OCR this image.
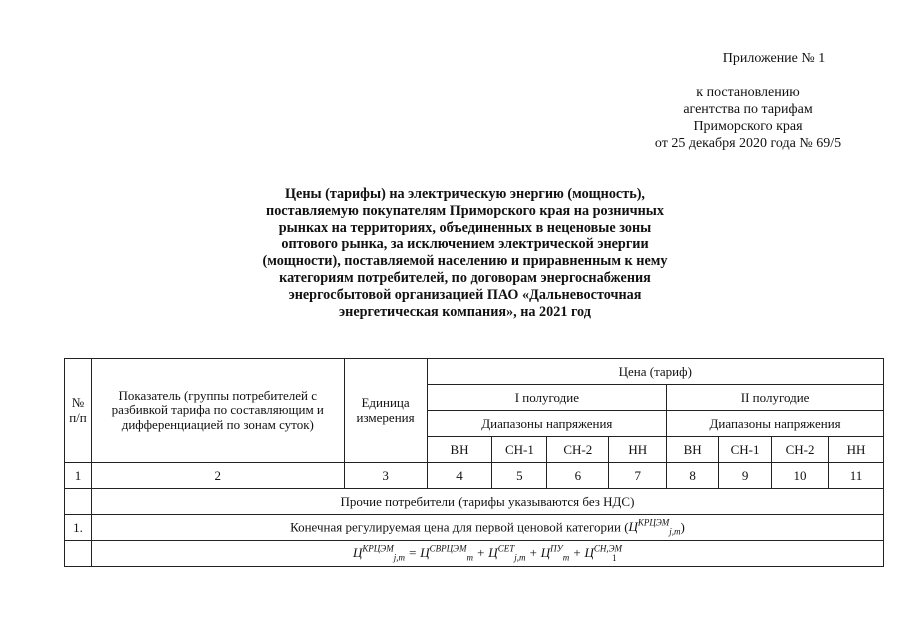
Приложение № 1
к постановлению
агентства по тарифам
Приморского края
от 25 декабря 2020 года № 69/5
Цены (тарифы) на электрическую энергию (мощность),
поставляемую покупателям Приморского края на розничных
рынках на территориях, объединенных в неценовые зоны
оптового рынка, за исключением электрической энергии
(мощности), поставляемой населению и приравненным к нему
категориям потребителей, по договорам энергоснабжения
энергосбытовой организацией ПАО «Дальневосточная
энергетическая компания», на 2021 год
№ п/п	Показатель (группы потребителей с разбивкой тарифа по составляющим и дифференциацией по зонам суток)	Единица измерения	Цена (тариф)							
			I полугодие				II полугодие			
			Диапазоны напряжения				Диапазоны напряжения			
			ВН	СН-1	СН-2	НН	ВН	СН-1	СН-2	НН
1	2	3	4	5	6	7	8	9	10	11
	Прочие потребители (тарифы указываются без НДС)									
1.	Конечная регулируемая цена для первой ценовой категории $(Ц^{КРЦЭМ}_{j,m})$									
	$Ц^{КРЦЭМ}_{j,m} = Ц^{СВРЦЭМ}_m + Ц^{СЕТ}_{j,m} + Ц^{ПУ}_m + Ц^{СН,ЭМ}$
1
